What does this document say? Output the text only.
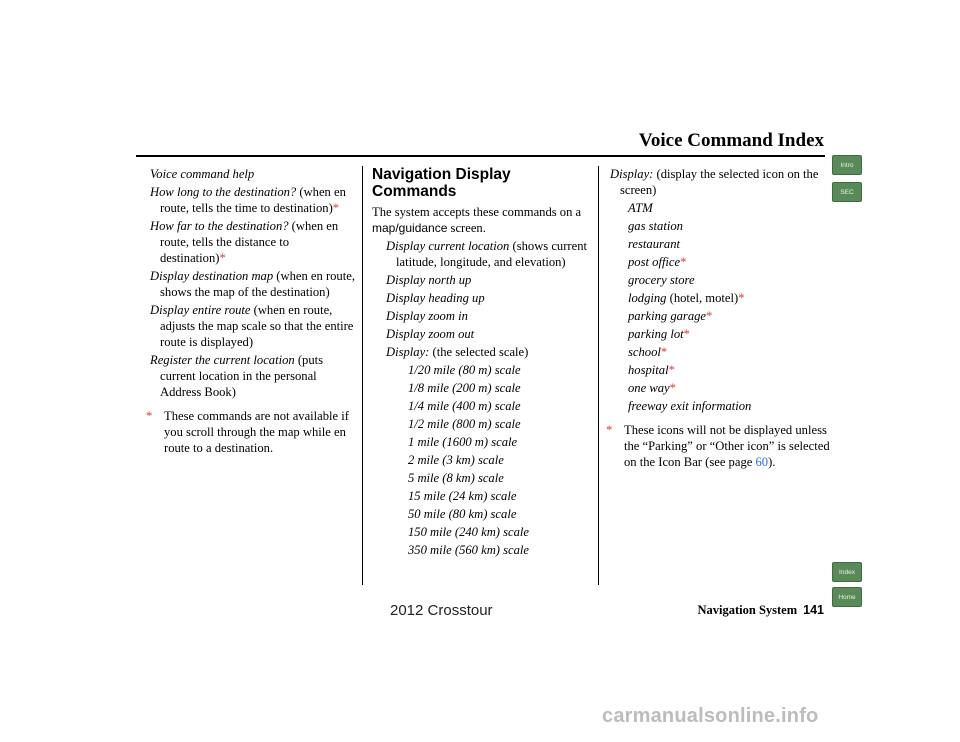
Voice Command Index
Voice command help
How long to the destination? (when en route, tells the time to destination)*
How far to the destination? (when en route, tells the distance to destination)*
Display destination map (when en route, shows the map of the destination)
Display entire route (when en route, adjusts the map scale so that the entire route is displayed)
Register the current location (puts current location in the personal Address Book)
* These commands are not available if you scroll through the map while en route to a destination.
Navigation Display Commands
The system accepts these commands on a map/guidance screen.
Display current location (shows current latitude, longitude, and elevation)
Display north up
Display heading up
Display zoom in
Display zoom out
Display: (the selected scale)
1/20 mile (80 m) scale
1/8 mile (200 m) scale
1/4 mile (400 m) scale
1/2 mile (800 m) scale
1 mile (1600 m) scale
2 mile (3 km) scale
5 mile (8 km) scale
15 mile (24 km) scale
50 mile (80 km) scale
150 mile (240 km) scale
350 mile (560 km) scale
Display: (display the selected icon on the screen)
ATM
gas station
restaurant
post office*
grocery store
lodging (hotel, motel)*
parking garage*
parking lot*
school*
hospital*
one way*
freeway exit information
* These icons will not be displayed unless the “Parking” or “Other icon” is selected on the Icon Bar (see page 60).
Intro
SEC
Index
Home
Navigation System 141
2012 Crosstour
carmanualsonline.info
